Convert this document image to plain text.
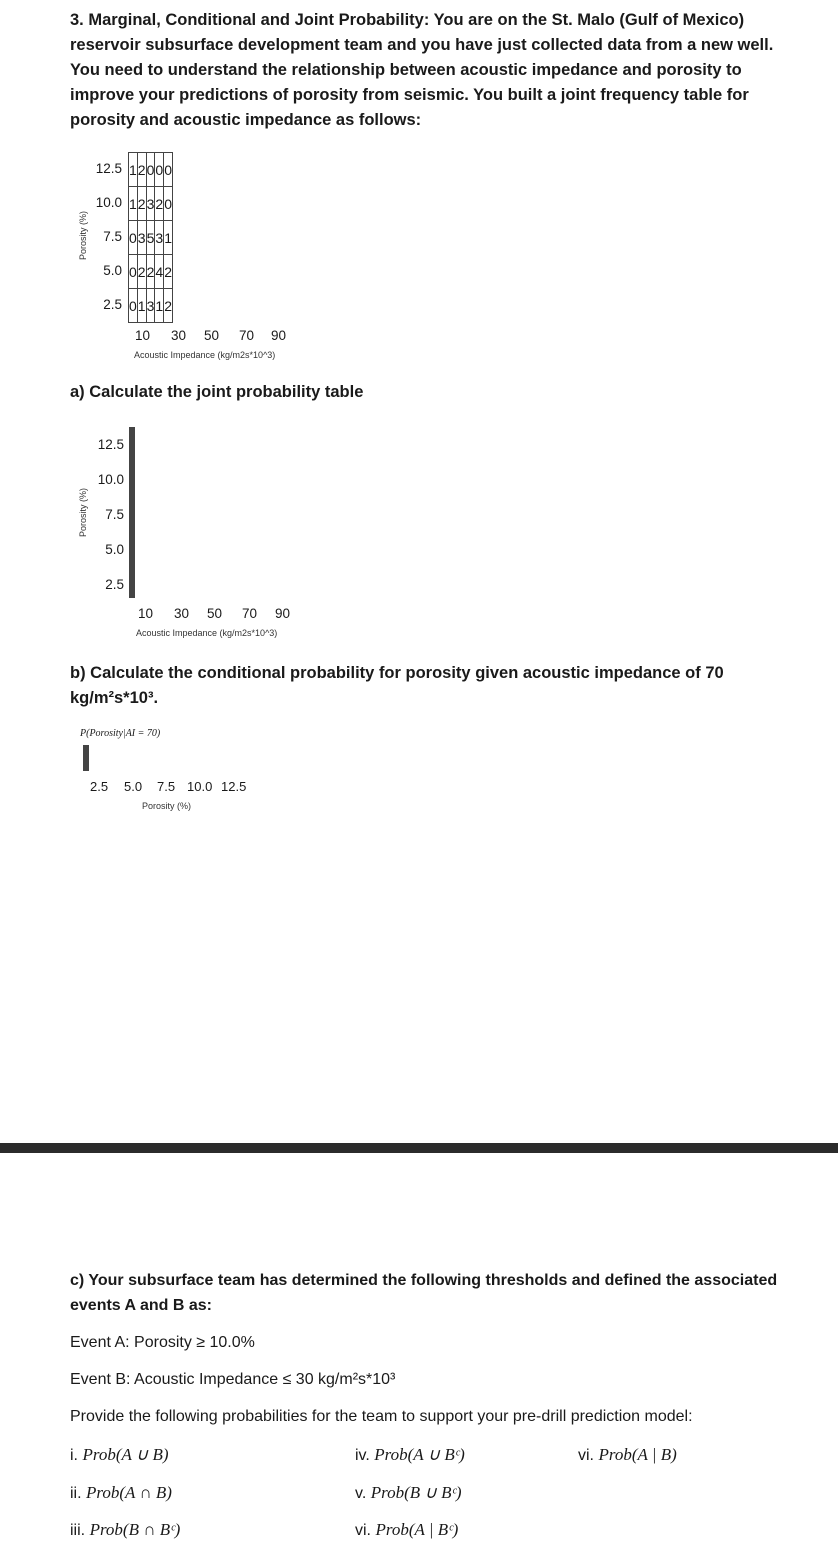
3. Marginal, Conditional and Joint Probability: You are on the St. Malo (Gulf of Mexico) reservoir subsurface development team and you have just collected data from a new well. You need to understand the relationship between acoustic impedance and porosity to improve your predictions of porosity from seismic. You built a joint frequency table for porosity and acoustic impedance as follows:
Porosity (%)
12.5
10.0
7.5
5.0
2.5
1	2	0	0	0
1	2	3	2	0
0	3	5	3	1
0	2	2	4	2
0	1	3	1	2
10 30 50 70 90
Acoustic Impedance (kg/m2s*10^3)
a) Calculate the joint probability table
Porosity (%)
12.5
10.0
7.5
5.0
2.5

10 30 50 70 90
Acoustic Impedance (kg/m2s*10^3)
b) Calculate the conditional probability for porosity given acoustic impedance of 70
kg/m²s*10³.
P(Porosity|AI = 70)

2.5 5.0 7.5 10.0 12.5
Porosity (%)
c) Your subsurface team has determined the following thresholds and defined the associated
events A and B as:
Event A: Porosity ≥ 10.0%
Event B: Acoustic Impedance ≤ 30 kg/m²s*10³
Provide the following probabilities for the team to support your pre-drill prediction model:
i. Prob(A ∪ B)
ii. Prob(A ∩ B)
iii. Prob(B ∩ Bᶜ)
iv. Prob(A ∪ Bᶜ)
v. Prob(B ∪ Bᶜ)
vi. Prob(A | Bᶜ)
vi. Prob(A | B)
